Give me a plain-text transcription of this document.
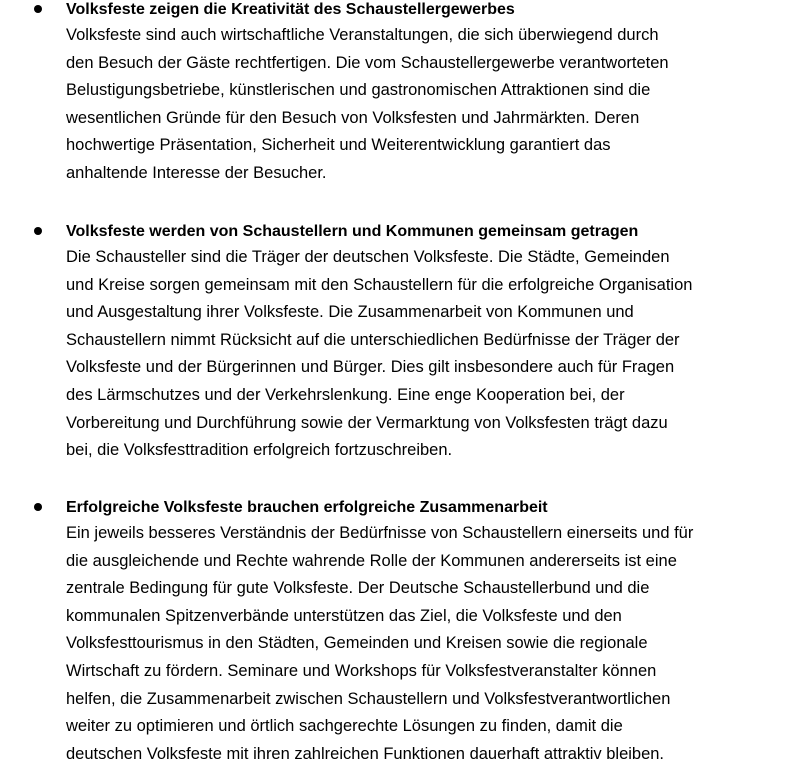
Volksfeste zeigen die Kreativität des Schaustellergewerbes
Volksfeste sind auch wirtschaftliche Veranstaltungen, die sich überwiegend durch
den Besuch der Gäste rechtfertigen. Die vom Schaustellergewerbe verantworteten
Belustigungsbetriebe, künstlerischen und gastronomischen Attraktionen sind die
wesentlichen Gründe für den Besuch von Volksfesten und Jahrmärkten. Deren
hochwertige Präsentation, Sicherheit und Weiterentwicklung garantiert das
anhaltende Interesse der Besucher.
Volksfeste werden von Schaustellern und Kommunen gemeinsam getragen
Die Schausteller sind die Träger der deutschen Volksfeste. Die Städte, Gemeinden
und Kreise sorgen gemeinsam mit den Schaustellern für die erfolgreiche Organisation
und Ausgestaltung ihrer Volksfeste. Die Zusammenarbeit von Kommunen und
Schaustellern nimmt Rücksicht auf die unterschiedlichen Bedürfnisse der Träger der
Volksfeste und der Bürgerinnen und Bürger. Dies gilt insbesondere auch für Fragen
des Lärmschutzes und der Verkehrslenkung. Eine enge Kooperation bei, der
Vorbereitung und Durchführung sowie der Vermarktung von Volksfesten trägt dazu
bei, die Volksfesttradition erfolgreich fortzuschreiben.
Erfolgreiche Volksfeste brauchen erfolgreiche Zusammenarbeit
Ein jeweils besseres Verständnis der Bedürfnisse von Schaustellern einerseits und für
die ausgleichende und Rechte wahrende Rolle der Kommunen andererseits ist eine
zentrale Bedingung für gute Volksfeste. Der Deutsche Schaustellerbund und die
kommunalen Spitzenverbände unterstützen das Ziel, die Volksfeste und den
Volksfesttourismus in den Städten, Gemeinden und Kreisen sowie die regionale
Wirtschaft zu fördern. Seminare und Workshops für Volksfestveranstalter können
helfen, die Zusammenarbeit zwischen Schaustellern und Volksfestverantwortlichen
weiter zu optimieren und örtlich sachgerechte Lösungen zu finden, damit die
deutschen Volksfeste mit ihren zahlreichen Funktionen dauerhaft attraktiv bleiben.
